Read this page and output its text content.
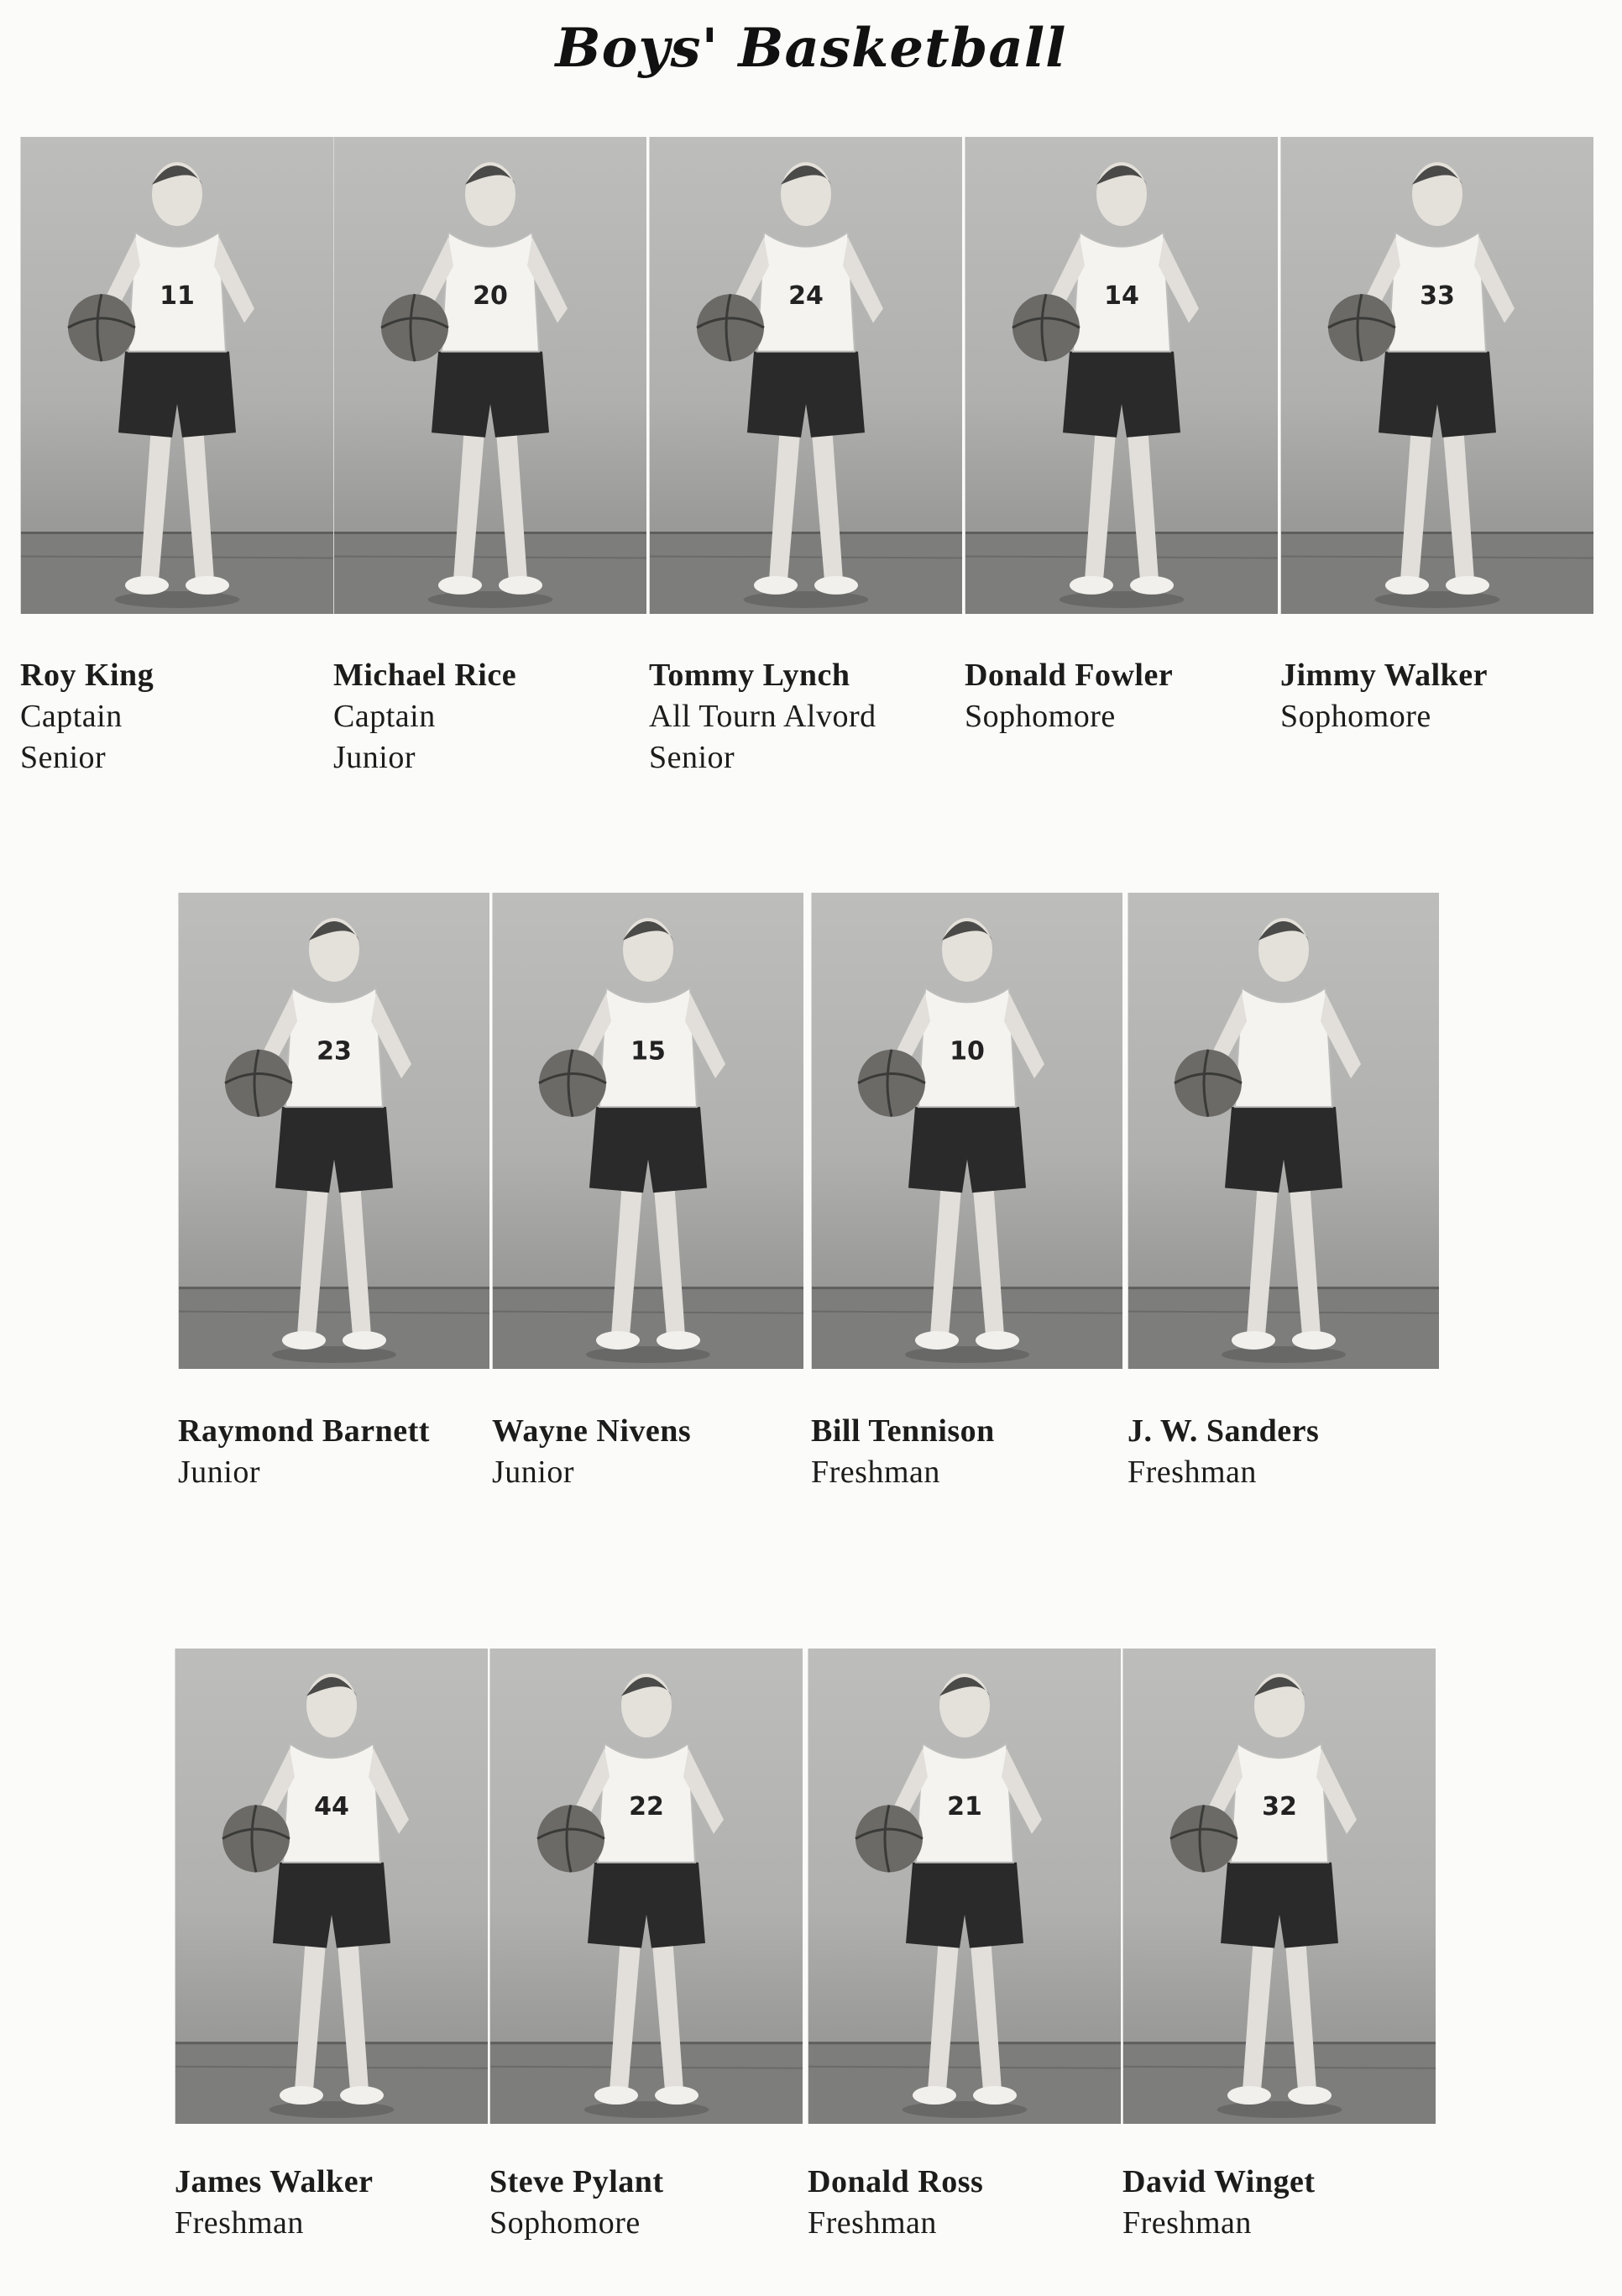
Boys' Basketball
11
Roy King
Captain
Senior
20
Michael Rice
Captain
Junior
24
Tommy Lynch
All Tourn Alvord
Senior
14
Donald Fowler
Sophomore
33
Jimmy Walker
Sophomore
23
Raymond Barnett
Junior
15
Wayne Nivens
Junior
10
Bill Tennison
Freshman
J. W. Sanders
Freshman
44
James Walker
Freshman
22
Steve Pylant
Sophomore
21
Donald Ross
Freshman
32
David Winget
Freshman
